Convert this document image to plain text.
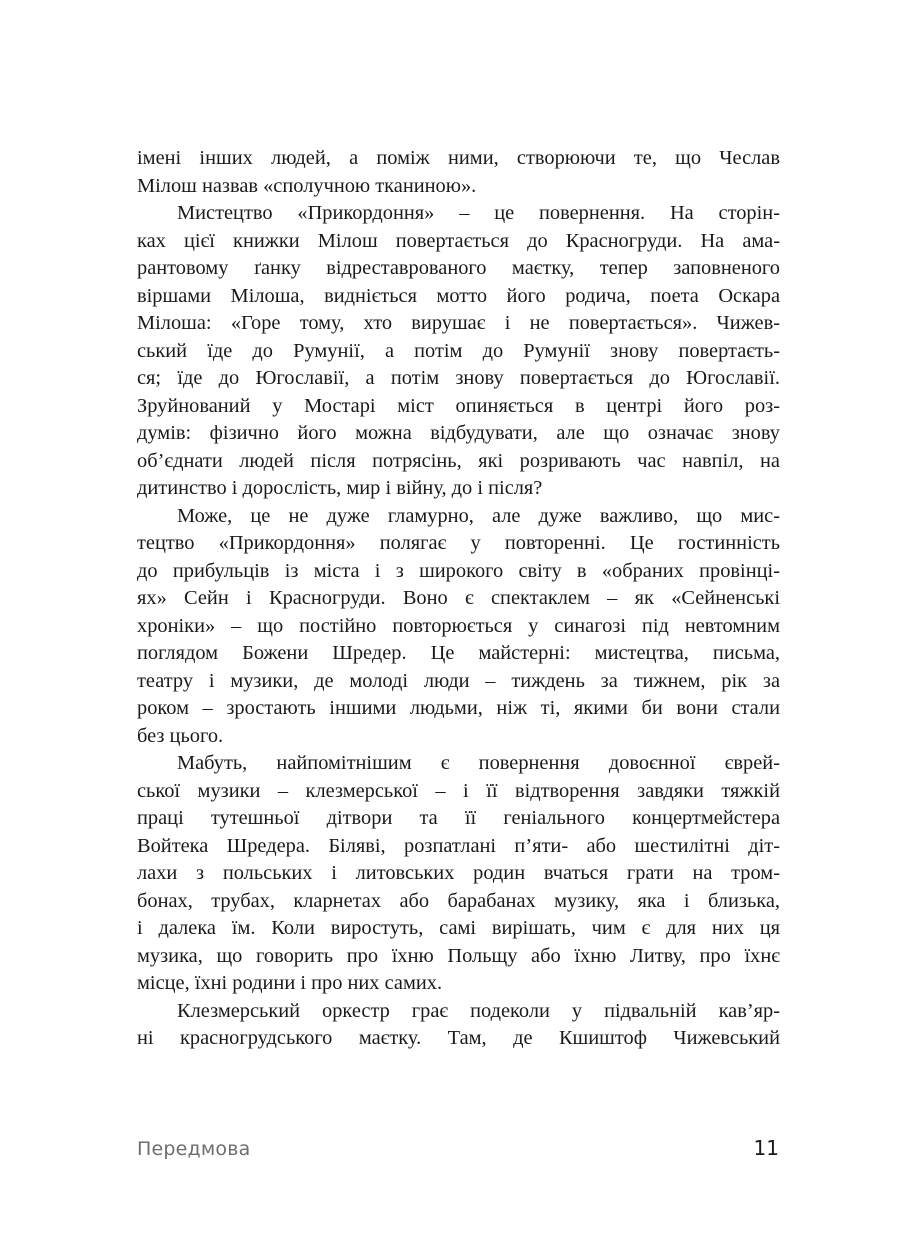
імені інших людей, а поміж ними, створюючи те, що Чеслав
Мілош назвав «сполучною тканиною».
Мистецтво «Прикордоння» – це повернення. На сторін-
ках цієї книжки Мілош повертається до Красногруди. На ама-
рантовому ґанку відреставрованого маєтку, тепер заповненого
віршами Мілоша, видніється мотто його родича, поета Оскара
Мілоша: «Горе тому, хто вирушає і не повертається». Чижев-
ський їде до Румунії, а потім до Румунії знову повертаєть-
ся; їде до Югославії, а потім знову повертається до Югославії.
Зруйнований у Мостарі міст опиняється в центрі його роз-
думів: фізично його можна відбудувати, але що означає знову
об’єднати людей після потрясінь, які розривають час навпіл, на
дитинство і дорослість, мир і війну, до і після?
Може, це не дуже гламурно, але дуже важливо, що мис-
тецтво «Прикордоння» полягає у повторенні. Це гостинність
до прибульців із міста і з широкого світу в «обраних провінці-
ях» Сейн і Красногруди. Воно є спектаклем – як «Сейненські
хроніки» – що постійно повторюється у синагозі під невтомним
поглядом Божени Шредер. Це майстерні: мистецтва, письма,
театру і музики, де молоді люди – тиждень за тижнем, рік за
роком – зростають іншими людьми, ніж ті, якими би вони стали
без цього.
Мабуть, найпомітнішим є повернення довоєнної єврей-
ської музики – клезмерської – і її відтворення завдяки тяжкій
праці тутешньої дітвори та її геніального концертмейстера
Войтека Шредера. Біляві, розпатлані п’яти- або шестилітні діт-
лахи з польських і литовських родин вчаться грати на тром-
бонах, трубах, кларнетах або барабанах музику, яка і близька,
і далека їм. Коли виростуть, самі вирішать, чим є для них ця
музика, що говорить про їхню Польщу або їхню Литву, про їхнє
місце, їхні родини і про них самих.
Клезмерський оркестр грає подеколи у підвальній кав’яр-
ні красногрудського маєтку. Там, де Кшиштоф Чижевський
Передмова	11
